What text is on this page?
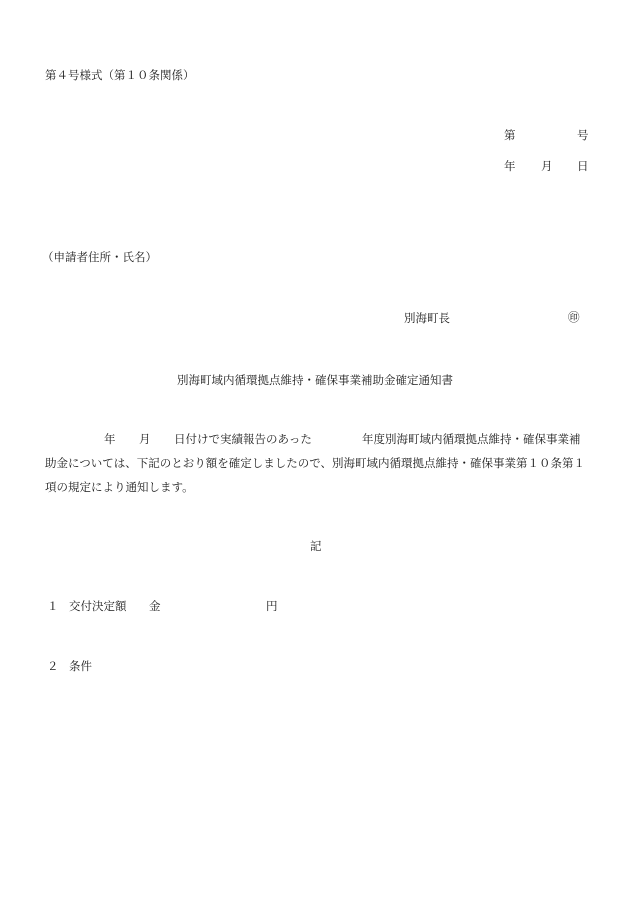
第４号様式（第１０条関係）
第	号
年 月 日
（申請者住所・氏名）
別海町長	㊞
別海町域内循環拠点維持・確保事業補助金確定通知書
年 月 日付けで実績報告のあった	年度別海町域内循環拠点維持・確保事業補
助金については、下記のとおり額を確定しましたので、別海町域内循環拠点維持・確保事業第１０条第１
項の規定により通知します。
記
１ 交付決定額 金	円
２ 条件
